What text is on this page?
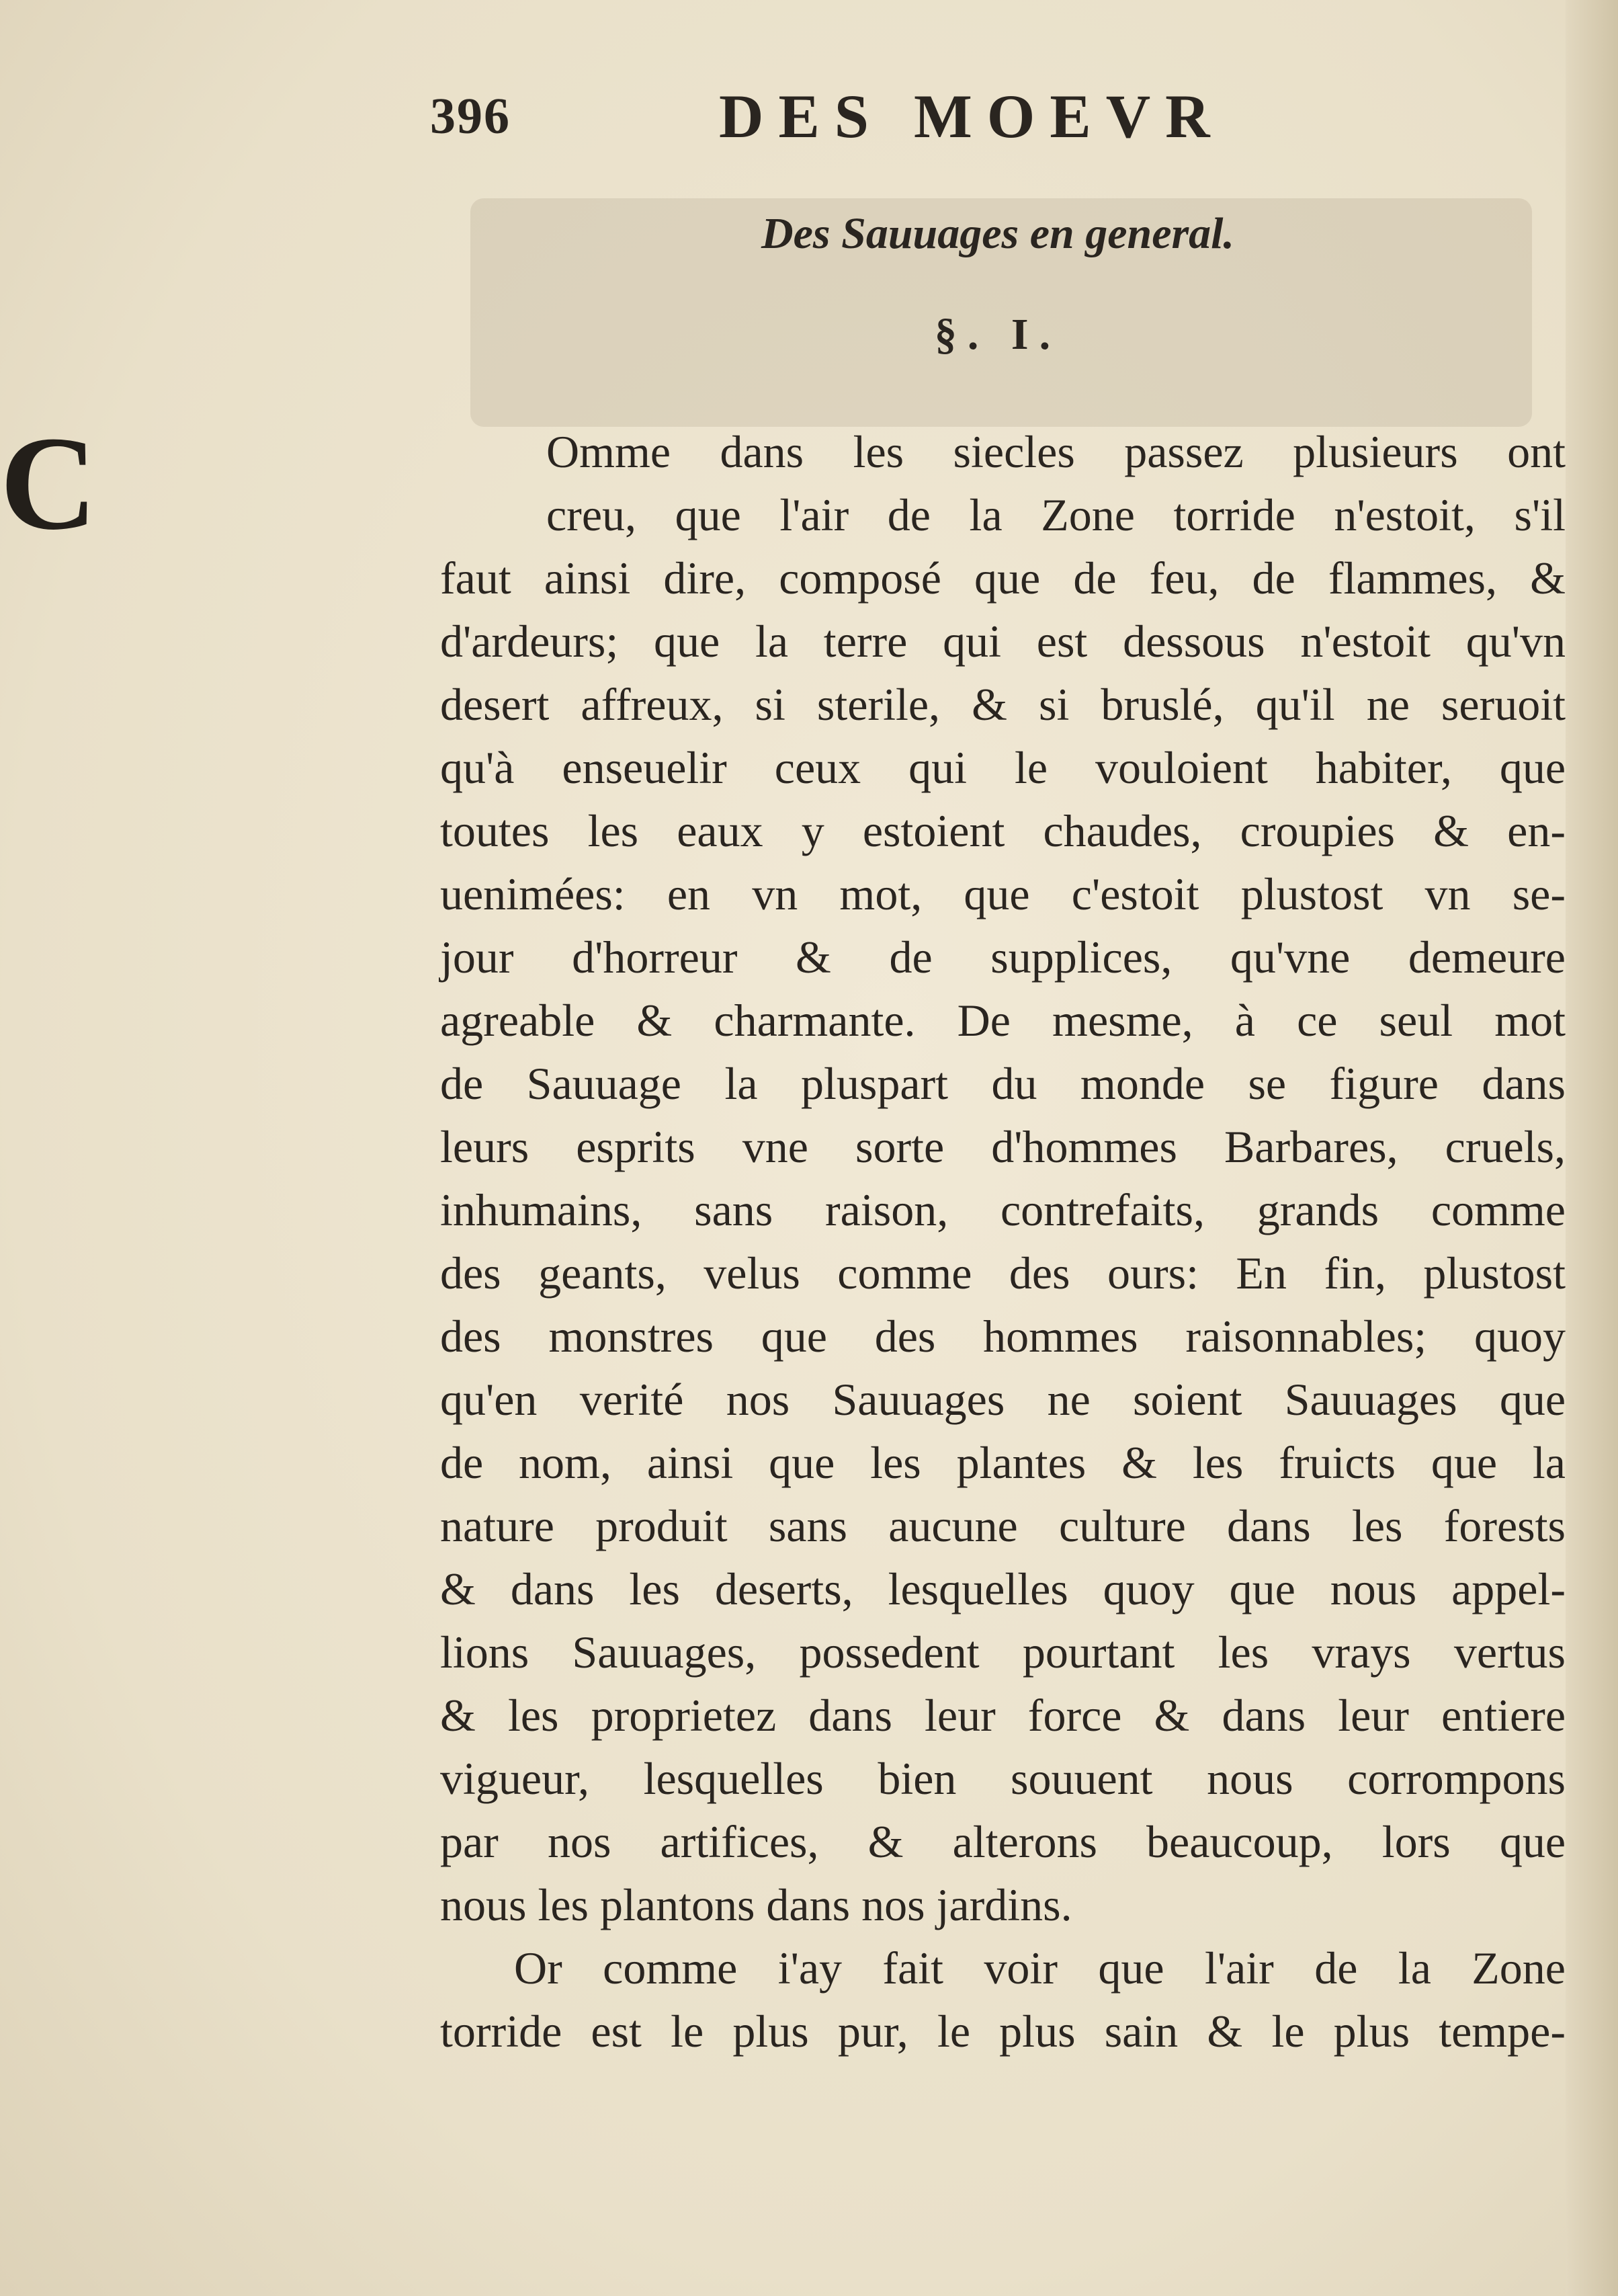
396	DES MOEVR
Des Sauuages en general.
§. I.
C	Omme dans les siecles passez plusieurs ont
creu, que l'air de la Zone torride n'estoit, s'il
faut ainsi dire, composé que de feu, de flammes, &
d'ardeurs; que la terre qui est dessous n'estoit qu'vn
desert affreux, si sterile, & si bruslé, qu'il ne seruoit
qu'à enseuelir ceux qui le vouloient habiter, que
toutes les eaux y estoient chaudes, croupies & en-
uenimées: en vn mot, que c'estoit plustost vn se-
jour d'horreur & de supplices, qu'vne demeure
agreable & charmante. De mesme, à ce seul mot
de Sauuage la pluspart du monde se figure dans
leurs esprits vne sorte d'hommes Barbares, cruels,
inhumains, sans raison, contrefaits, grands comme
des geants, velus comme des ours: En fin, plustost
des monstres que des hommes raisonnables; quoy
qu'en verité nos Sauuages ne soient Sauuages que
de nom, ainsi que les plantes & les fruicts que la
nature produit sans aucune culture dans les forests
& dans les deserts, lesquelles quoy que nous appel-
lions Sauuages, possedent pourtant les vrays vertus
& les proprietez dans leur force & dans leur entiere
vigueur, lesquelles bien souuent nous corrompons
par nos artifices, & alterons beaucoup, lors que
nous les plantons dans nos jardins.
Or comme i'ay fait voir que l'air de la Zone
torride est le plus pur, le plus sain & le plus tempe-
